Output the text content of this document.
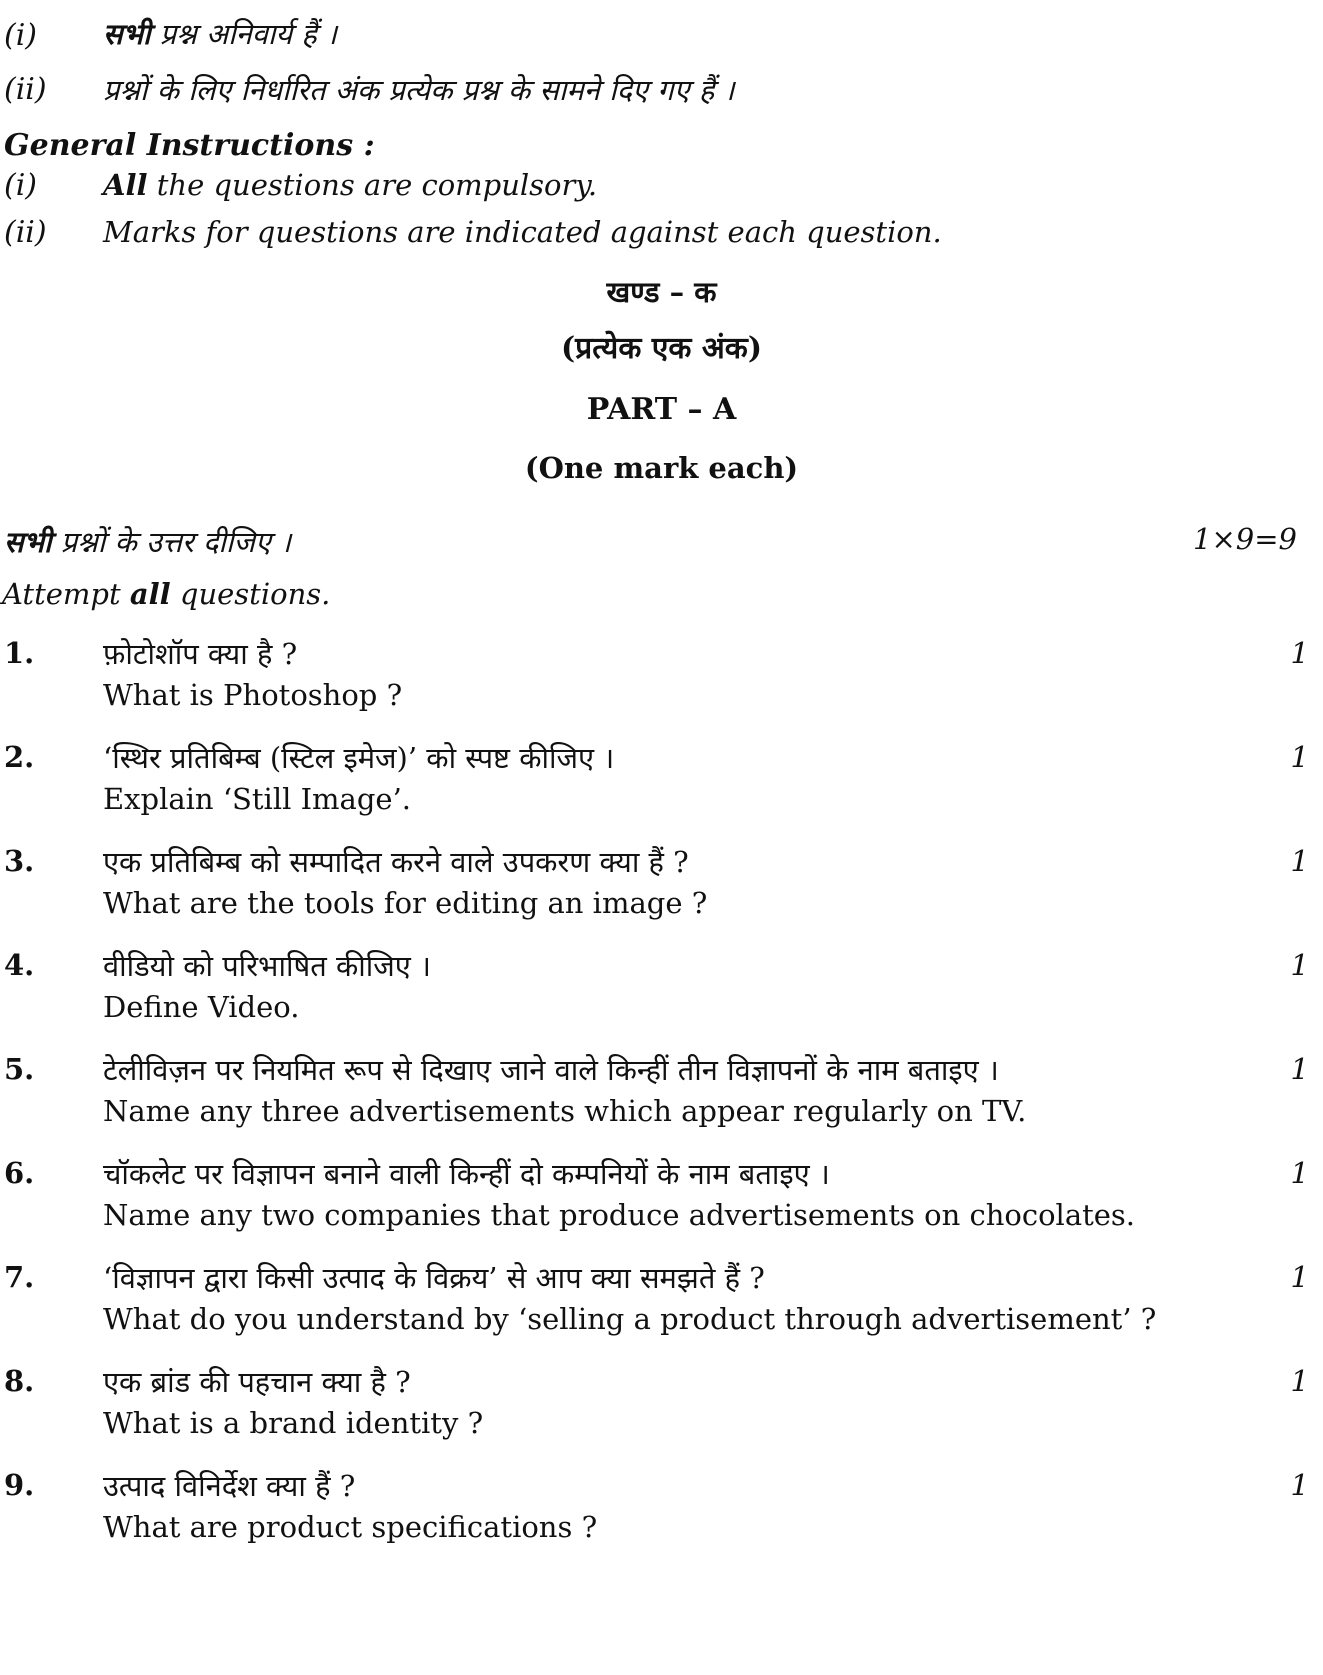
(i) सभी प्रश्न अनिवार्य हैं ।
(ii) प्रश्नों के लिए निर्धारित अंक प्रत्येक प्रश्न के सामने दिए गए हैं ।
General Instructions :
(i) All the questions are compulsory.
(ii) Marks for questions are indicated against each question.
खण्ड – क
(प्रत्येक एक अंक)
PART – A
(One mark each)
सभी प्रश्नों के उत्तर दीजिए ।	1×9=9
Attempt all questions.
1. फ़ोटोशॉप क्या है ?	1
What is Photoshop ?
2. ‘स्थिर प्रतिबिम्ब (स्टिल इमेज)’ को स्पष्ट कीजिए ।	1
Explain ‘Still Image’.
3. एक प्रतिबिम्ब को सम्पादित करने वाले उपकरण क्या हैं ?	1
What are the tools for editing an image ?
4. वीडियो को परिभाषित कीजिए ।	1
Define Video.
5. टेलीविज़न पर नियमित रूप से दिखाए जाने वाले किन्हीं तीन विज्ञापनों के नाम बताइए ।	1
Name any three advertisements which appear regularly on TV.
6. चॉकलेट पर विज्ञापन बनाने वाली किन्हीं दो कम्पनियों के नाम बताइए ।	1
Name any two companies that produce advertisements on chocolates.
7. ‘विज्ञापन द्वारा किसी उत्पाद के विक्रय’ से आप क्या समझते हैं ?	1
What do you understand by ‘selling a product through advertisement’ ?
8. एक ब्रांड की पहचान क्या है ?	1
What is a brand identity ?
9. उत्पाद विनिर्देश क्या हैं ?	1
What are product specifications ?
